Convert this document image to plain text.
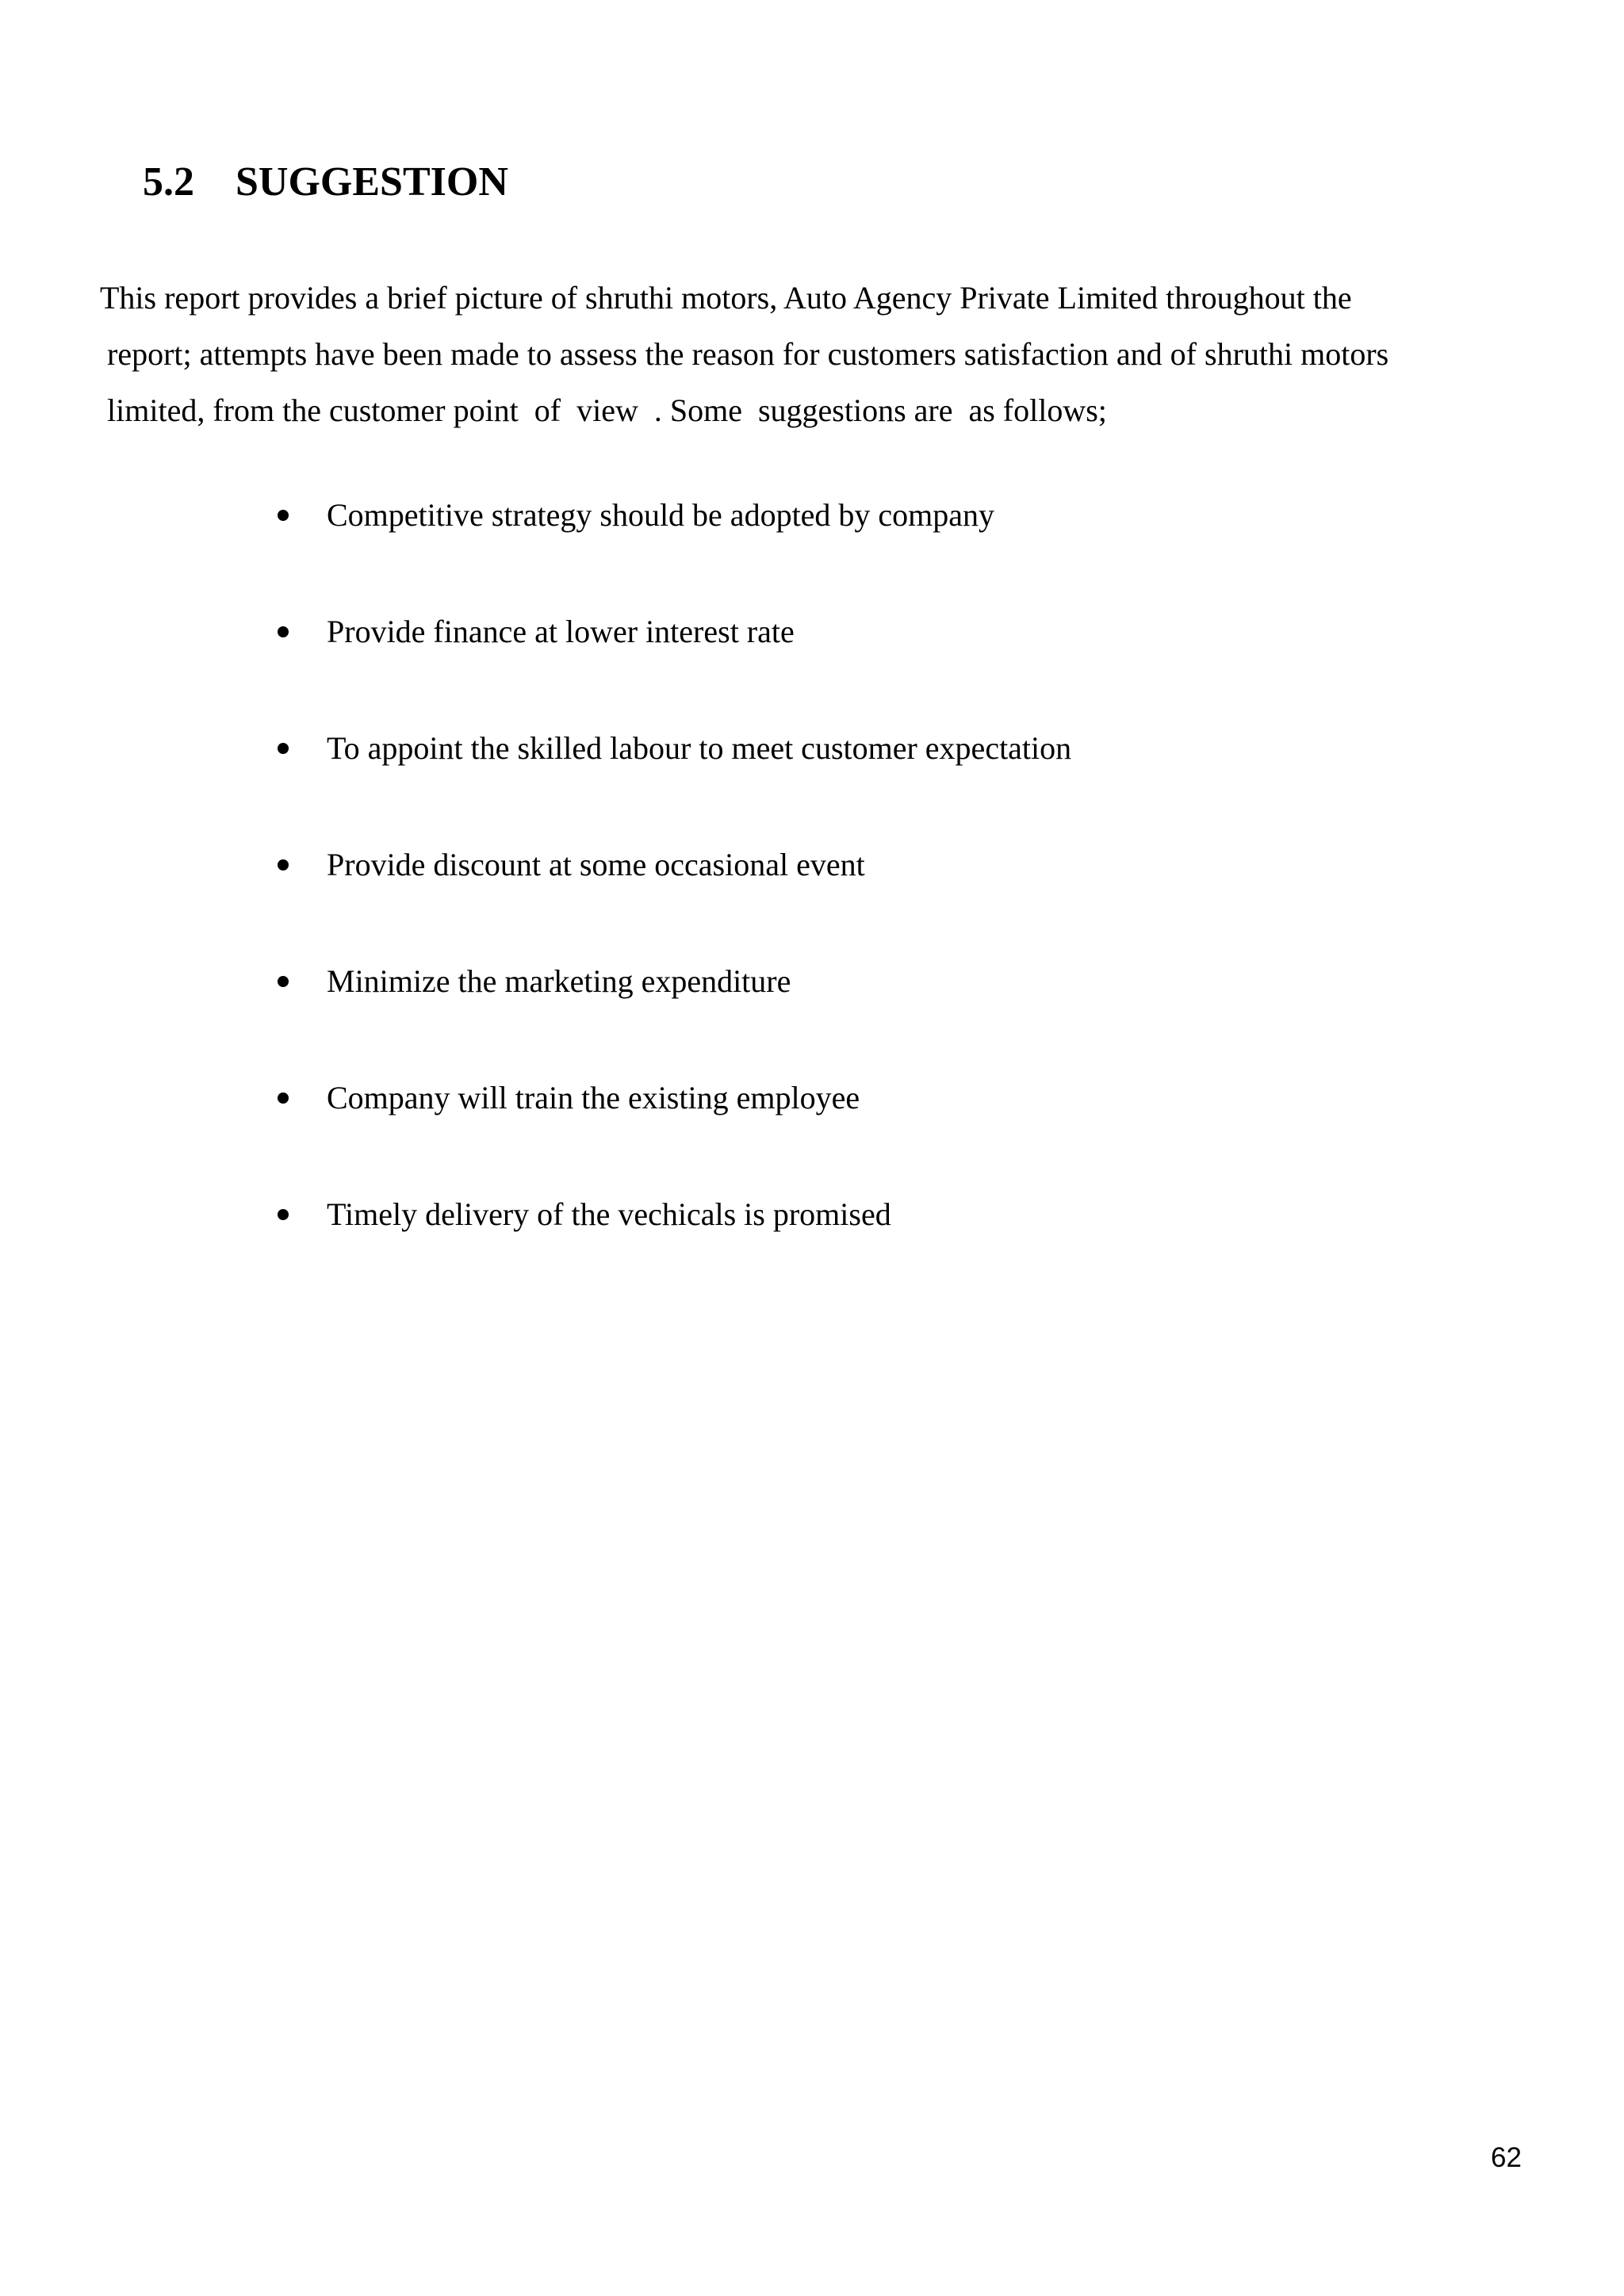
5.2 SUGGESTION
This report provides a brief picture of shruthi motors, Auto Agency Private Limited throughout the
report; attempts have been made to assess the reason for customers satisfaction and of shruthi motors
limited, from the customer point  of  view  . Some  suggestions are  as follows;
Competitive strategy should be adopted by company
Provide finance at lower interest rate
To appoint the skilled labour to meet customer expectation
Provide discount at some occasional event
Minimize the marketing expenditure
Company will train the existing employee
Timely delivery of the vechicals is promised
62
